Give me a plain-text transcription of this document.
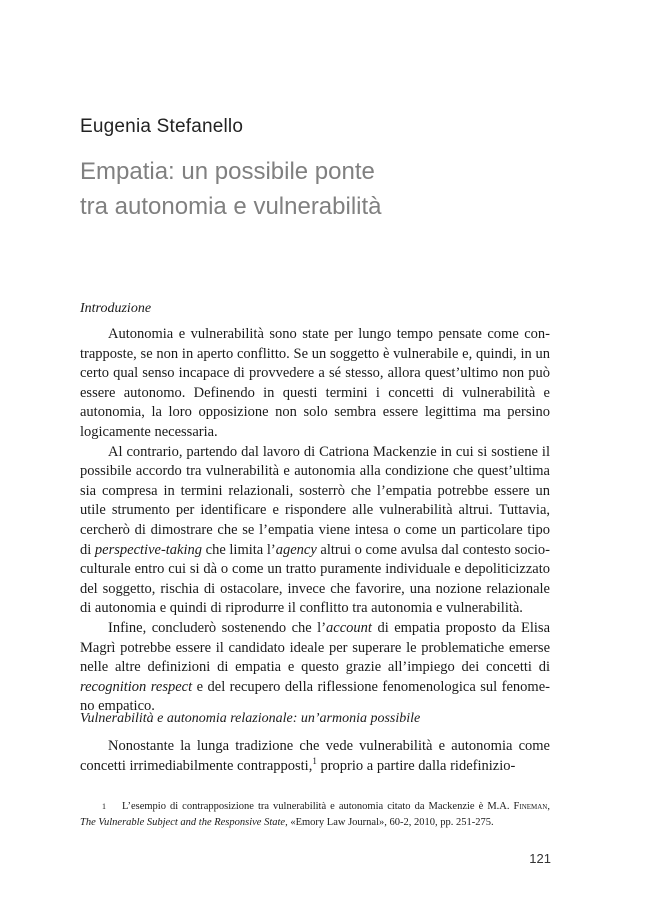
Eugenia Stefanello
Empatia: un possibile ponte
tra autonomia e vulnerabilità
Introduzione

Autonomia e vulnerabilità sono state per lungo tempo pensate come contrapposte, se non in aperto conflitto. Se un soggetto è vulnerabile e, quindi, in un certo qual senso incapace di provvedere a sé stesso, allora quest’ultimo non può essere autonomo. Definendo in questi termini i concetti di vulnerabilità e autonomia, la loro opposizione non solo sembra essere legittima ma persino logicamente necessaria.

Al contrario, partendo dal lavoro di Catriona Mackenzie in cui si sostiene il possibile accordo tra vulnerabilità e autonomia alla condizione che quest’ultima sia compresa in termini relazionali, sosterrò che l’empatia potrebbe essere un utile strumento per identificare e rispondere alle vulnerabilità altrui. Tuttavia, cercherò di dimostrare che se l’empatia viene intesa o come un particolare tipo di perspective-taking che limita l’agency altrui o come avulsa dal contesto socio-culturale entro cui si dà o come un tratto puramente individuale e depoliticizzato del soggetto, rischia di ostacolare, invece che favorire, una nozione relazionale di autonomia e quindi di riprodurre il conflitto tra autonomia e vulnerabilità.

Infine, concluderò sostenendo che l’account di empatia proposto da Elisa Magrì potrebbe essere il candidato ideale per superare le problematiche emerse nelle altre definizioni di empatia e questo grazie all’impiego dei concetti di recognition respect e del recupero della riflessione fenomenologica sul fenomeno empatico.

Vulnerabilità e autonomia relazionale: un’armonia possibile

Nonostante la lunga tradizione che vede vulnerabilità e autonomia come concetti irrimediabilmente contrapposti,$^1$ proprio a partire dalla ridefinizio-

1 L’esempio di contrapposizione tra vulnerabilità e autonomia citato da Mackenzie è M.A. Fineman, The Vulnerable Subject and the Responsive State, «Emory Law Journal», 60-2, 2010, pp. 251-275.

121
